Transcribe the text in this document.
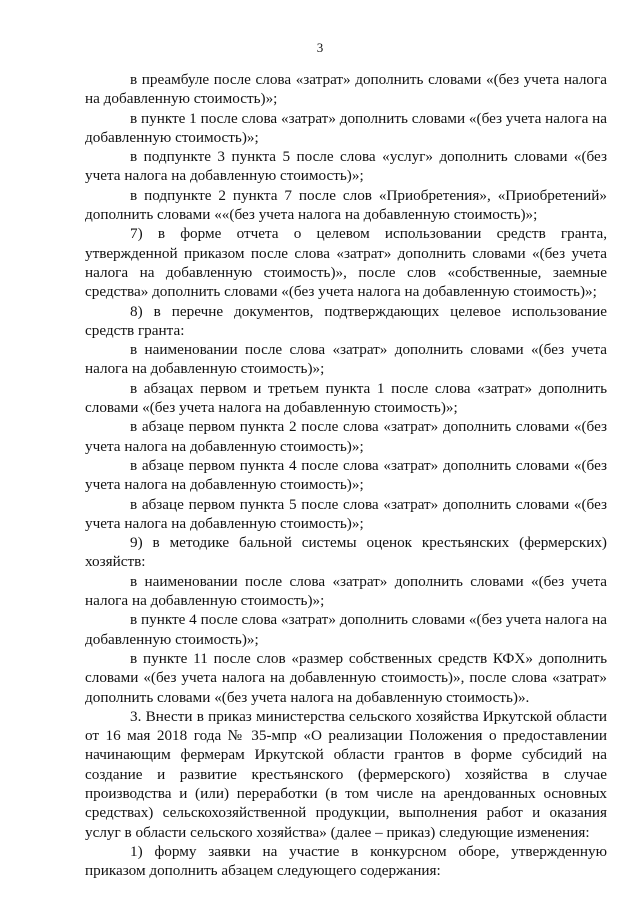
3

в преамбуле после слова «затрат» дополнить словами «(без учета налога на добавленную стоимость)»;

в пункте 1 после слова «затрат» дополнить словами «(без учета налога на добавленную стоимость)»;

в подпункте 3 пункта 5 после слова «услуг» дополнить словами «(без учета налога на добавленную стоимость)»;

в подпункте 2 пункта 7 после слов «Приобретения», «Приобретений» дополнить словами ««(без учета налога на добавленную стоимость)»;

7) в форме отчета о целевом использовании средств гранта, утвержденной приказом после слова «затрат» дополнить словами «(без учета налога на добавленную стоимость)», после слов «собственные, заемные средства» дополнить словами «(без учета налога на добавленную стоимость)»;

8) в перечне документов, подтверждающих целевое использование средств гранта:

в наименовании после слова «затрат» дополнить словами «(без учета налога на добавленную стоимость)»;

в абзацах первом и третьем пункта 1 после слова «затрат» дополнить словами «(без учета налога на добавленную стоимость)»;

в абзаце первом пункта 2 после слова «затрат» дополнить словами «(без учета налога на добавленную стоимость)»;

в абзаце первом пункта 4 после слова «затрат» дополнить словами «(без учета налога на добавленную стоимость)»;

в абзаце первом пункта 5 после слова «затрат» дополнить словами «(без учета налога на добавленную стоимость)»;

9) в методике бальной системы оценок крестьянских (фермерских) хозяйств:

в наименовании после слова «затрат» дополнить словами «(без учета налога на добавленную стоимость)»;

в пункте 4 после слова «затрат» дополнить словами «(без учета налога на добавленную стоимость)»;

в пункте 11 после слов «размер собственных средств КФХ» дополнить словами «(без учета налога на добавленную стоимость)», после слова «затрат» дополнить словами «(без учета налога на добавленную стоимость)».

3. Внести в приказ министерства сельского хозяйства Иркутской области от 16 мая 2018 года № 35-мпр «О реализации Положения о предоставлении начинающим фермерам Иркутской области грантов в форме субсидий на создание и развитие крестьянского (фермерского) хозяйства в случае производства и (или) переработки (в том числе на арендованных основных средствах) сельскохозяйственной продукции, выполнения работ и оказания услуг в области сельского хозяйства» (далее – приказ) следующие изменения:

1) форму заявки на участие в конкурсном оборе, утвержденную приказом дополнить абзацем следующего содержания:
